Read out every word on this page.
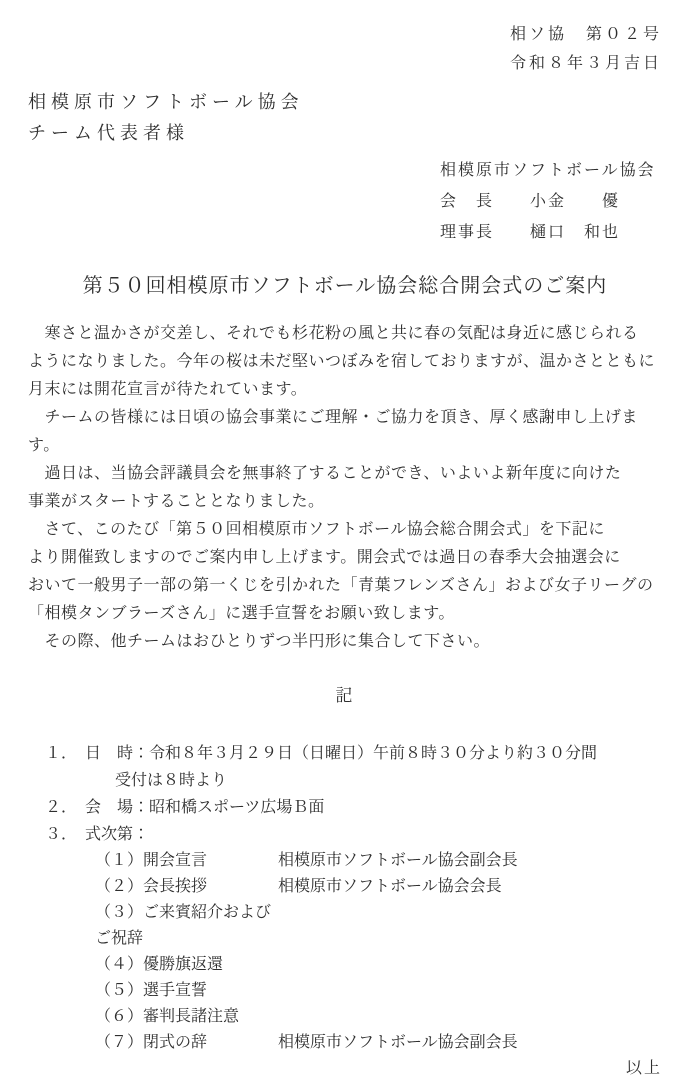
相ソ協　第０２号
令和８年３月吉日
相模原市ソフトボール協会
チーム代表者様
相模原市ソフトボール協会
会　長　　小金　　優
理事長　　樋口　和也
第５０回相模原市ソフトボール協会総合開会式のご案内
　寒さと温かさが交差し、それでも杉花粉の風と共に春の気配は身近に感じられる
ようになりました。今年の桜は未だ堅いつぼみを宿しておりますが、温かさとともに
月末には開花宣言が待たれています。
　チームの皆様には日頃の協会事業にご理解・ご協力を頂き、厚く感謝申し上げます。
　過日は、当協会評議員会を無事終了することができ、いよいよ新年度に向けた
事業がスタートすることとなりました。
　さて、このたび「第５０回相模原市ソフトボール協会総合開会式」を下記に
より開催致しますのでご案内申し上げます。開会式では過日の春季大会抽選会に
おいて一般男子一部の第一くじを引かれた「青葉フレンズさん」および女子リーグの
「相模タンブラーズさん」に選手宣誓をお願い致します。
　その際、他チームはおひとりずつ半円形に集合して下さい。
記
１．　日　時：令和８年３月２９日（日曜日）午前８時３０分より約３０分間
受付は８時より
２．　会　場：昭和橋スポーツ広場Ｂ面
３．　式次第：
（１）開会宣言	相模原市ソフトボール協会副会長
（２）会長挨拶	相模原市ソフトボール協会会長
（３）ご来賓紹介およびご祝辞
（４）優勝旗返還
（５）選手宣誓
（６）審判長諸注意
（７）閉式の辞	相模原市ソフトボール協会副会長
以上
